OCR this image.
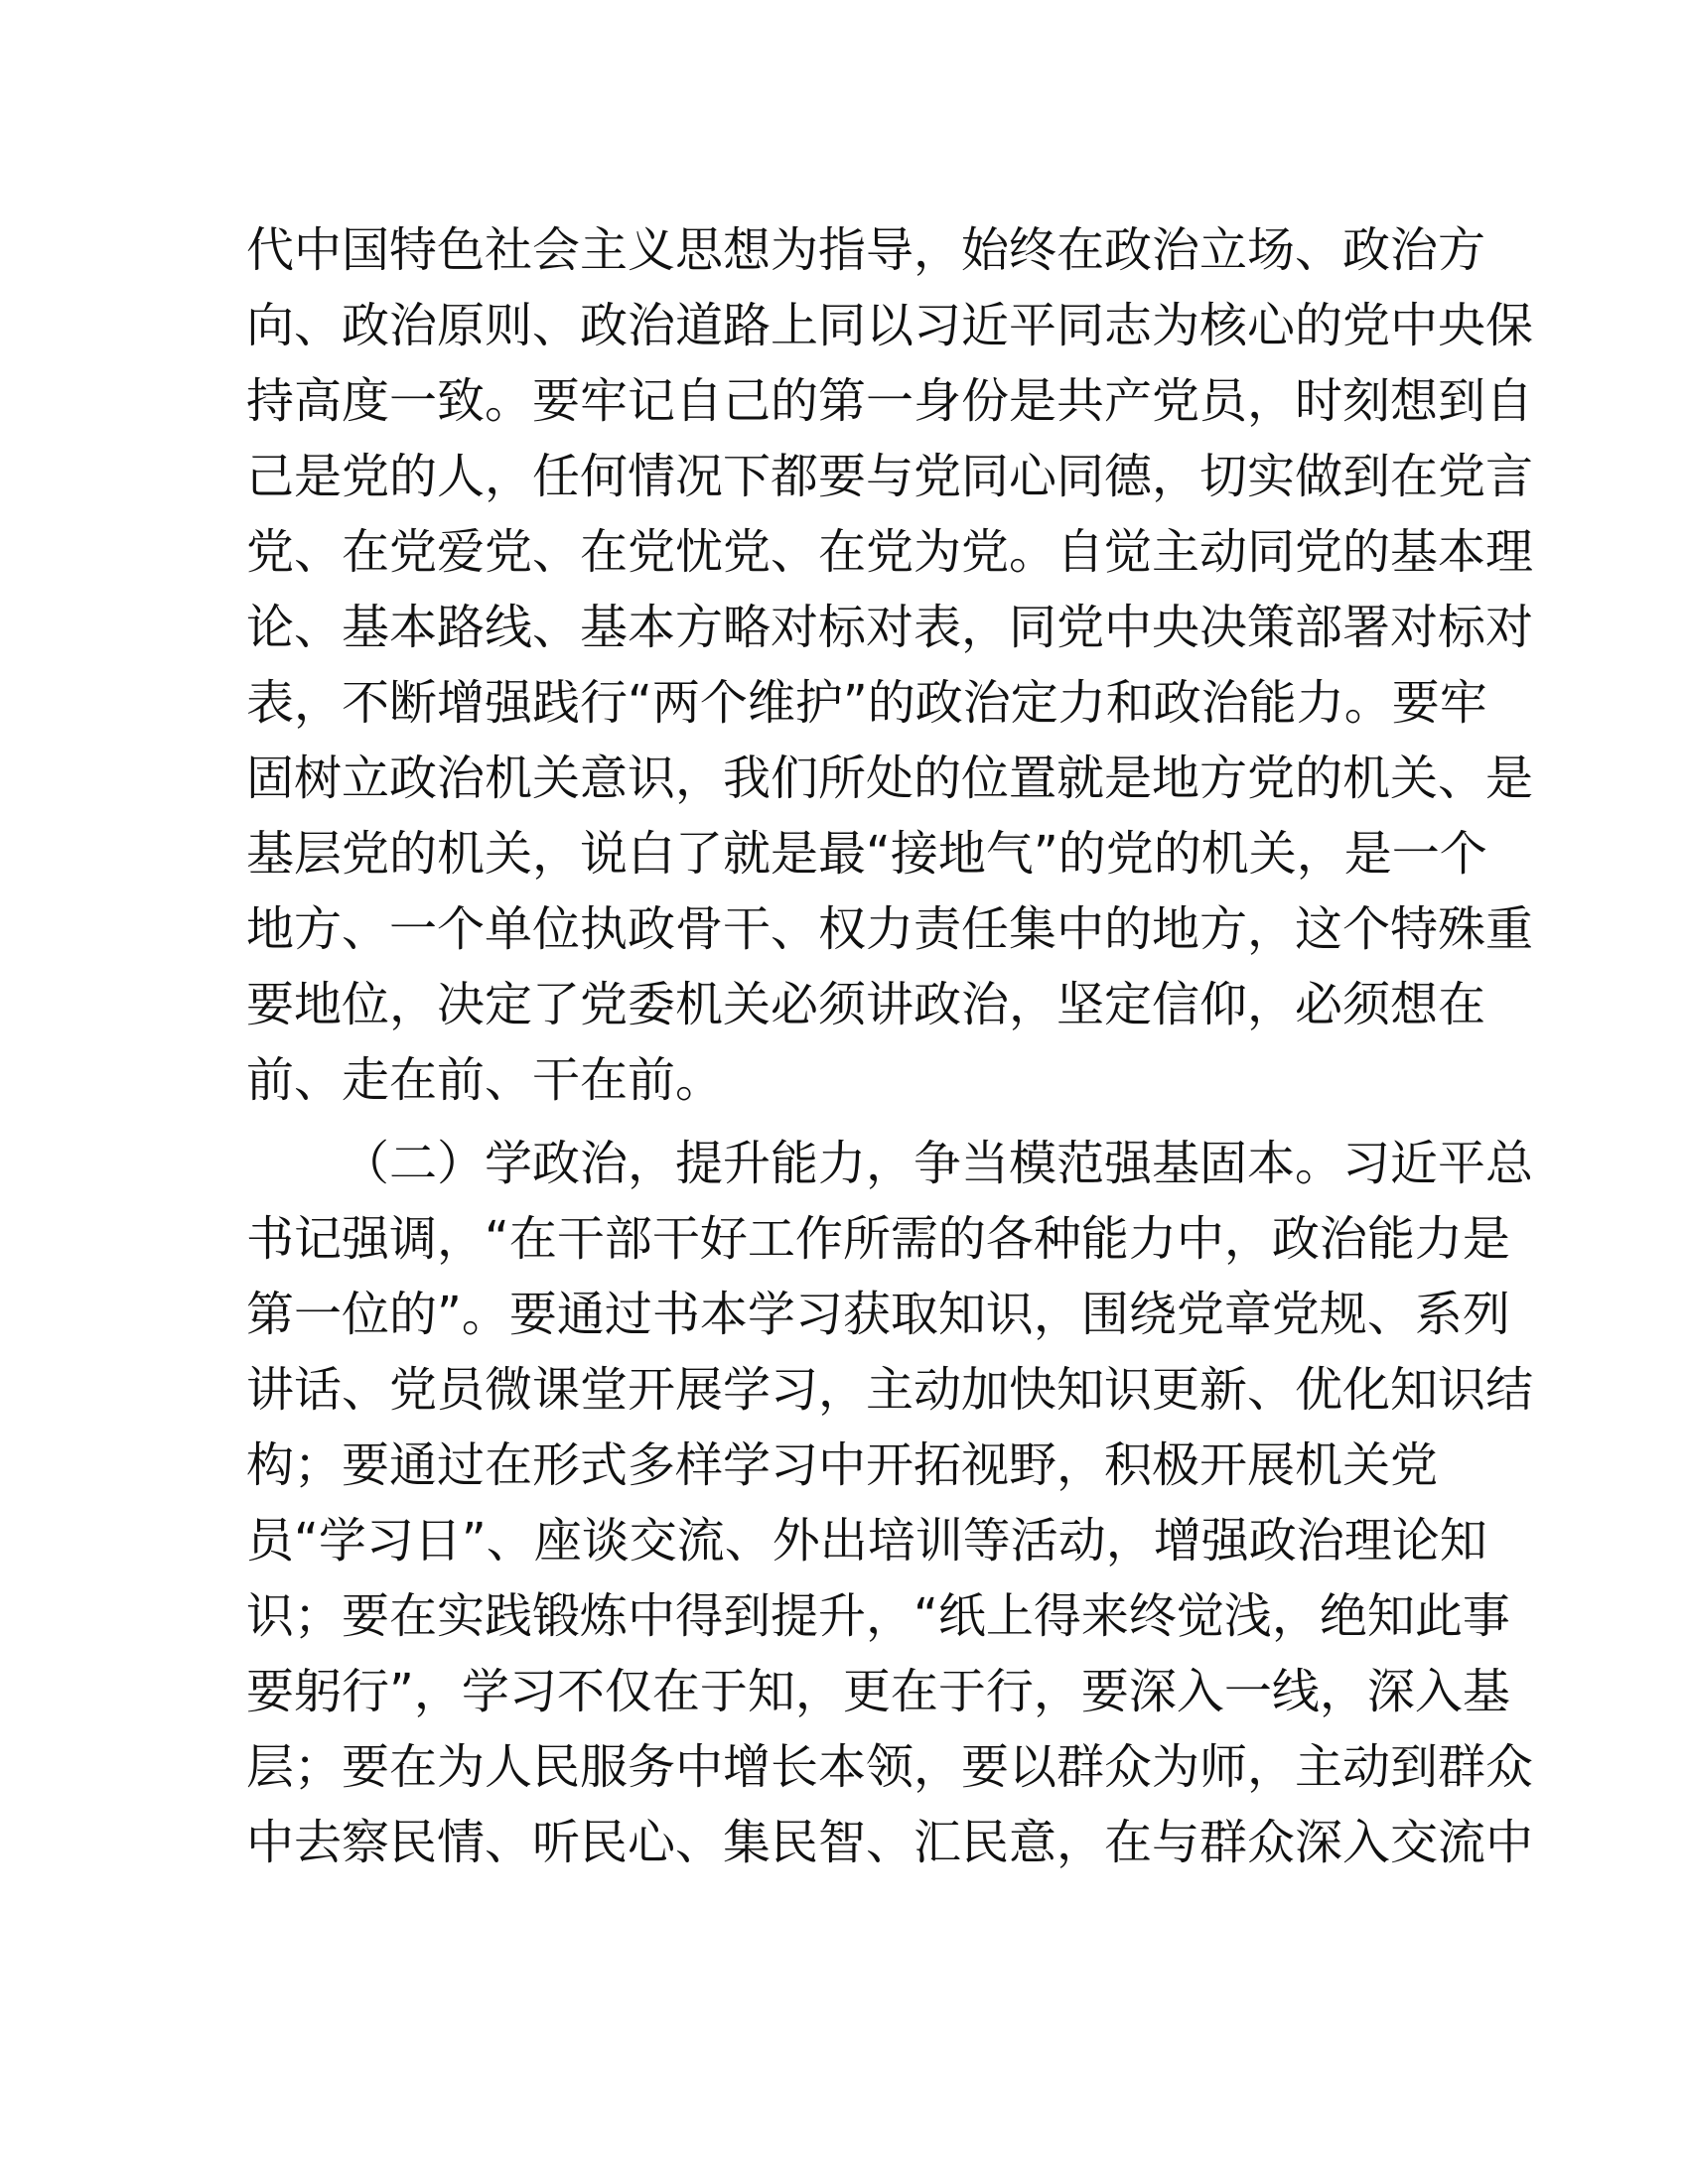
代中国特色社会主义思想为指导，始终在政治立场、政治方
向、政治原则、政治道路上同以习近平同志为核心的党中央保
持高度一致。要牢记自己的第一身份是共产党员，时刻想到自
己是党的人，任何情况下都要与党同心同德，切实做到在党言
党、在党爱党、在党忧党、在党为党。自觉主动同党的基本理
论、基本路线、基本方略对标对表，同党中央决策部署对标对
表，不断增强践行“两个维护”的政治定力和政治能力。要牢
固树立政治机关意识，我们所处的位置就是地方党的机关、是
基层党的机关，说白了就是最“接地气”的党的机关，是一个
地方、一个单位执政骨干、权力责任集中的地方，这个特殊重
要地位，决定了党委机关必须讲政治，坚定信仰，必须想在
前、走在前、干在前。
（二）学政治，提升能力，争当模范强基固本。习近平总
书记强调，“在干部干好工作所需的各种能力中，政治能力是
第一位的”。要通过书本学习获取知识，围绕党章党规、系列
讲话、党员微课堂开展学习，主动加快知识更新、优化知识结
构；要通过在形式多样学习中开拓视野，积极开展机关党
员“学习日”、座谈交流、外出培训等活动，增强政治理论知
识；要在实践锻炼中得到提升，“纸上得来终觉浅，绝知此事
要躬行”，学习不仅在于知，更在于行，要深入一线，深入基
层；要在为人民服务中增长本领，要以群众为师，主动到群众
中去察民情、听民心、集民智、汇民意，在与群众深入交流中
